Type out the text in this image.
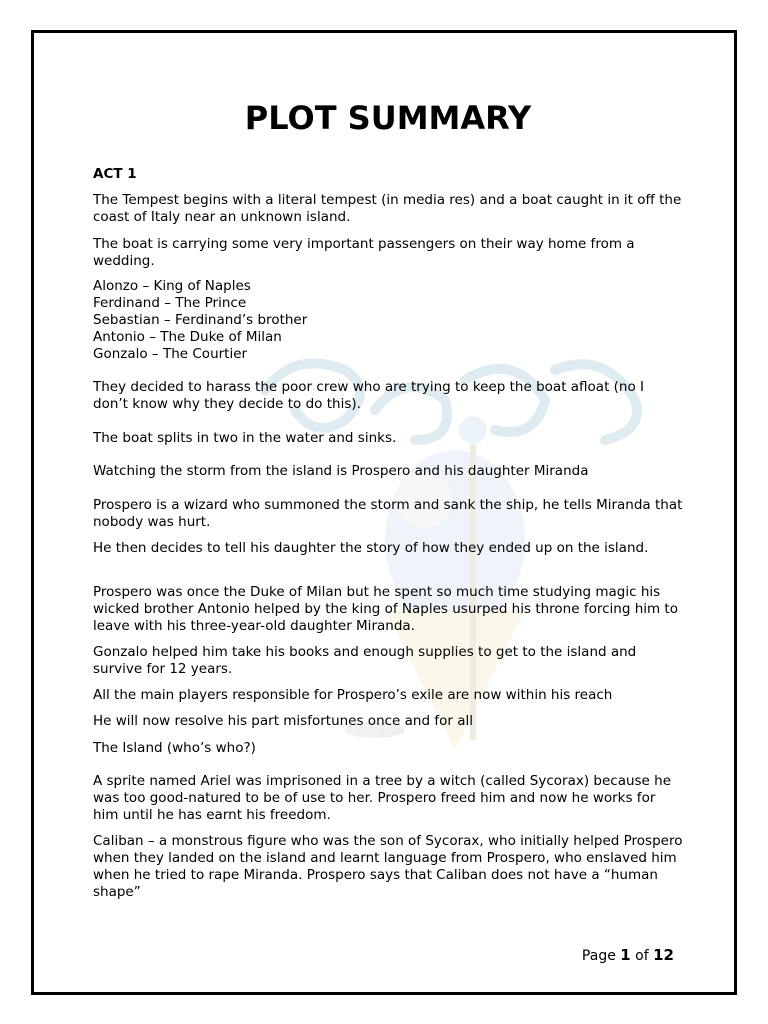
PLOT SUMMARY

ACT 1

The Tempest begins with a literal tempest (in media res) and a boat caught in it off the coast of Italy near an unknown island.

The boat is carrying some very important passengers on their way home from a wedding.

Alonzo – King of Naples
Ferdinand – The Prince
Sebastian – Ferdinand’s brother
Antonio – The Duke of Milan
Gonzalo – The Courtier

They decided to harass the poor crew who are trying to keep the boat afloat (no I don’t know why they decide to do this).

The boat splits in two in the water and sinks.

Watching the storm from the island is Prospero and his daughter Miranda

Prospero is a wizard who summoned the storm and sank the ship, he tells Miranda that nobody was hurt.

He then decides to tell his daughter the story of how they ended up on the island.

Prospero was once the Duke of Milan but he spent so much time studying magic his wicked brother Antonio helped by the king of Naples usurped his throne forcing him to leave with his three-year-old daughter Miranda.

Gonzalo helped him take his books and enough supplies to get to the island and survive for 12 years.

All the main players responsible for Prospero’s exile are now within his reach

He will now resolve his part misfortunes once and for all

The Island (who’s who?)

A sprite named Ariel was imprisoned in a tree by a witch (called Sycorax) because he was too good-natured to be of use to her. Prospero freed him and now he works for him until he has earnt his freedom.

Caliban – a monstrous figure who was the son of Sycorax, who initially helped Prospero when they landed on the island and learnt language from Prospero, who enslaved him when he tried to rape Miranda. Prospero says that Caliban does not have a “human shape”

Page 1 of 12
